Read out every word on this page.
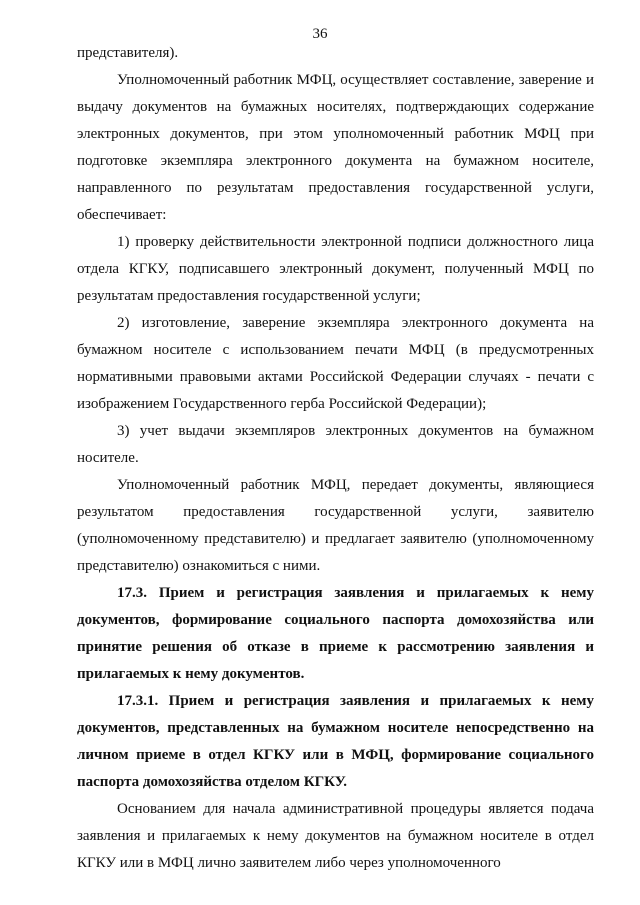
36

представителя).

Уполномоченный работник МФЦ, осуществляет составление, заверение и выдачу документов на бумажных носителях, подтверждающих содержание электронных документов, при этом уполномоченный работник МФЦ при подготовке экземпляра электронного документа на бумажном носителе, направленного по результатам предоставления государственной услуги, обеспечивает:

1) проверку действительности электронной подписи должностного лица отдела КГКУ, подписавшего электронный документ, полученный МФЦ по результатам предоставления государственной услуги;

2) изготовление, заверение экземпляра электронного документа на бумажном носителе с использованием печати МФЦ (в предусмотренных нормативными правовыми актами Российской Федерации случаях - печати с изображением Государственного герба Российской Федерации);

3) учет выдачи экземпляров электронных документов на бумажном носителе.

Уполномоченный работник МФЦ, передает документы, являющиеся результатом предоставления государственной услуги, заявителю (уполномоченному представителю) и предлагает заявителю (уполномоченному представителю) ознакомиться с ними.

17.3. Прием и регистрация заявления и прилагаемых к нему документов, формирование социального паспорта домохозяйства или принятие решения об отказе в приеме к рассмотрению заявления и прилагаемых к нему документов.

17.3.1. Прием и регистрация заявления и прилагаемых к нему документов, представленных на бумажном носителе непосредственно на личном приеме в отдел КГКУ или в МФЦ, формирование социального паспорта домохозяйства отделом КГКУ.

Основанием для начала административной процедуры является подача заявления и прилагаемых к нему документов на бумажном носителе в отдел КГКУ или в МФЦ лично заявителем либо через уполномоченного
